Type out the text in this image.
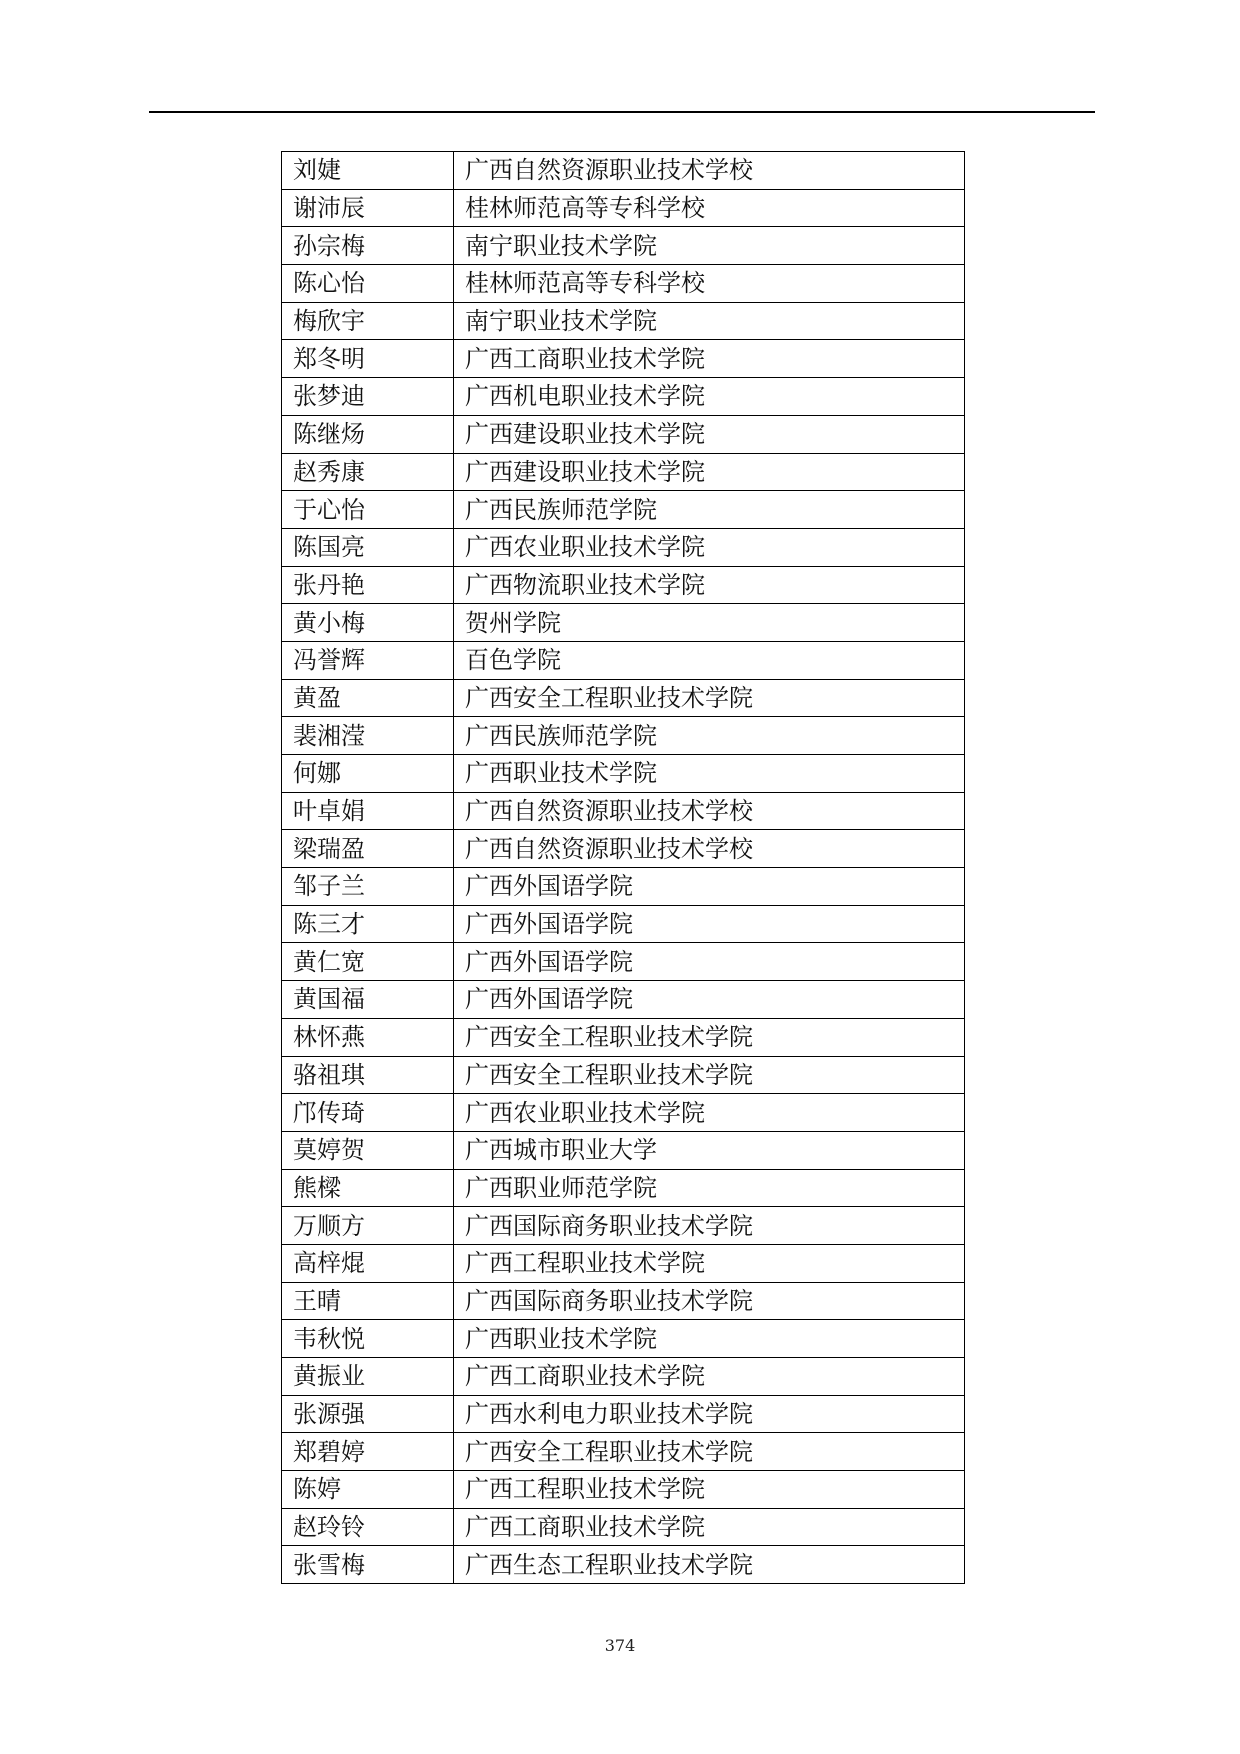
刘婕	广西自然资源职业技术学校
谢沛辰	桂林师范高等专科学校
孙宗梅	南宁职业技术学院
陈心怡	桂林师范高等专科学校
梅欣宇	南宁职业技术学院
郑冬明	广西工商职业技术学院
张梦迪	广西机电职业技术学院
陈继炀	广西建设职业技术学院
赵秀康	广西建设职业技术学院
于心怡	广西民族师范学院
陈国亮	广西农业职业技术学院
张丹艳	广西物流职业技术学院
黄小梅	贺州学院
冯誉辉	百色学院
黄盈	广西安全工程职业技术学院
裴湘滢	广西民族师范学院
何娜	广西职业技术学院
叶卓娟	广西自然资源职业技术学校
梁瑞盈	广西自然资源职业技术学校
邹子兰	广西外国语学院
陈三才	广西外国语学院
黄仁宽	广西外国语学院
黄国福	广西外国语学院
林怀燕	广西安全工程职业技术学院
骆祖琪	广西安全工程职业技术学院
邝传琦	广西农业职业技术学院
莫婷贺	广西城市职业大学
熊樑	广西职业师范学院
万顺方	广西国际商务职业技术学院
高梓焜	广西工程职业技术学院
王晴	广西国际商务职业技术学院
韦秋悦	广西职业技术学院
黄振业	广西工商职业技术学院
张源强	广西水利电力职业技术学院
郑碧婷	广西安全工程职业技术学院
陈婷	广西工程职业技术学院
赵玲铃	广西工商职业技术学院
张雪梅	广西生态工程职业技术学院
374
